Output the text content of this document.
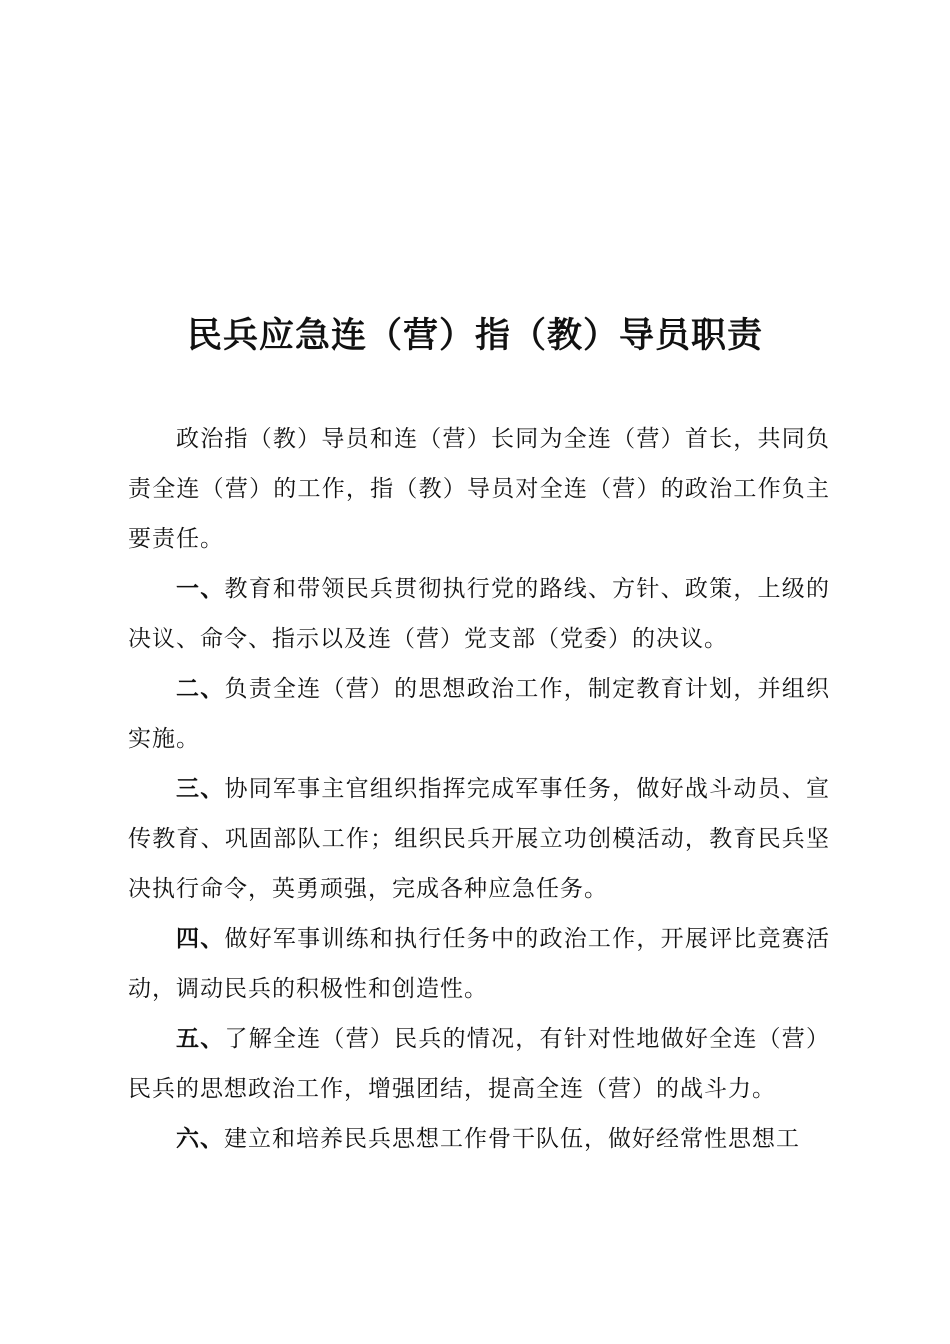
民兵应急连（营）指（教）导员职责

政治指（教）导员和连（营）长同为全连（营）首长，共同负责全连（营）的工作，指（教）导员对全连（营）的政治工作负主要责任。

一、教育和带领民兵贯彻执行党的路线、方针、政策，上级的决议、命令、指示以及连（营）党支部（党委）的决议。

二、负责全连（营）的思想政治工作，制定教育计划，并组织实施。

三、协同军事主官组织指挥完成军事任务，做好战斗动员、宣传教育、巩固部队工作；组织民兵开展立功创模活动，教育民兵坚决执行命令，英勇顽强，完成各种应急任务。

四、做好军事训练和执行任务中的政治工作，开展评比竞赛活动，调动民兵的积极性和创造性。

五、了解全连（营）民兵的情况，有针对性地做好全连（营）民兵的思想政治工作，增强团结，提高全连（营）的战斗力。

六、建立和培养民兵思想工作骨干队伍，做好经常性思想工
